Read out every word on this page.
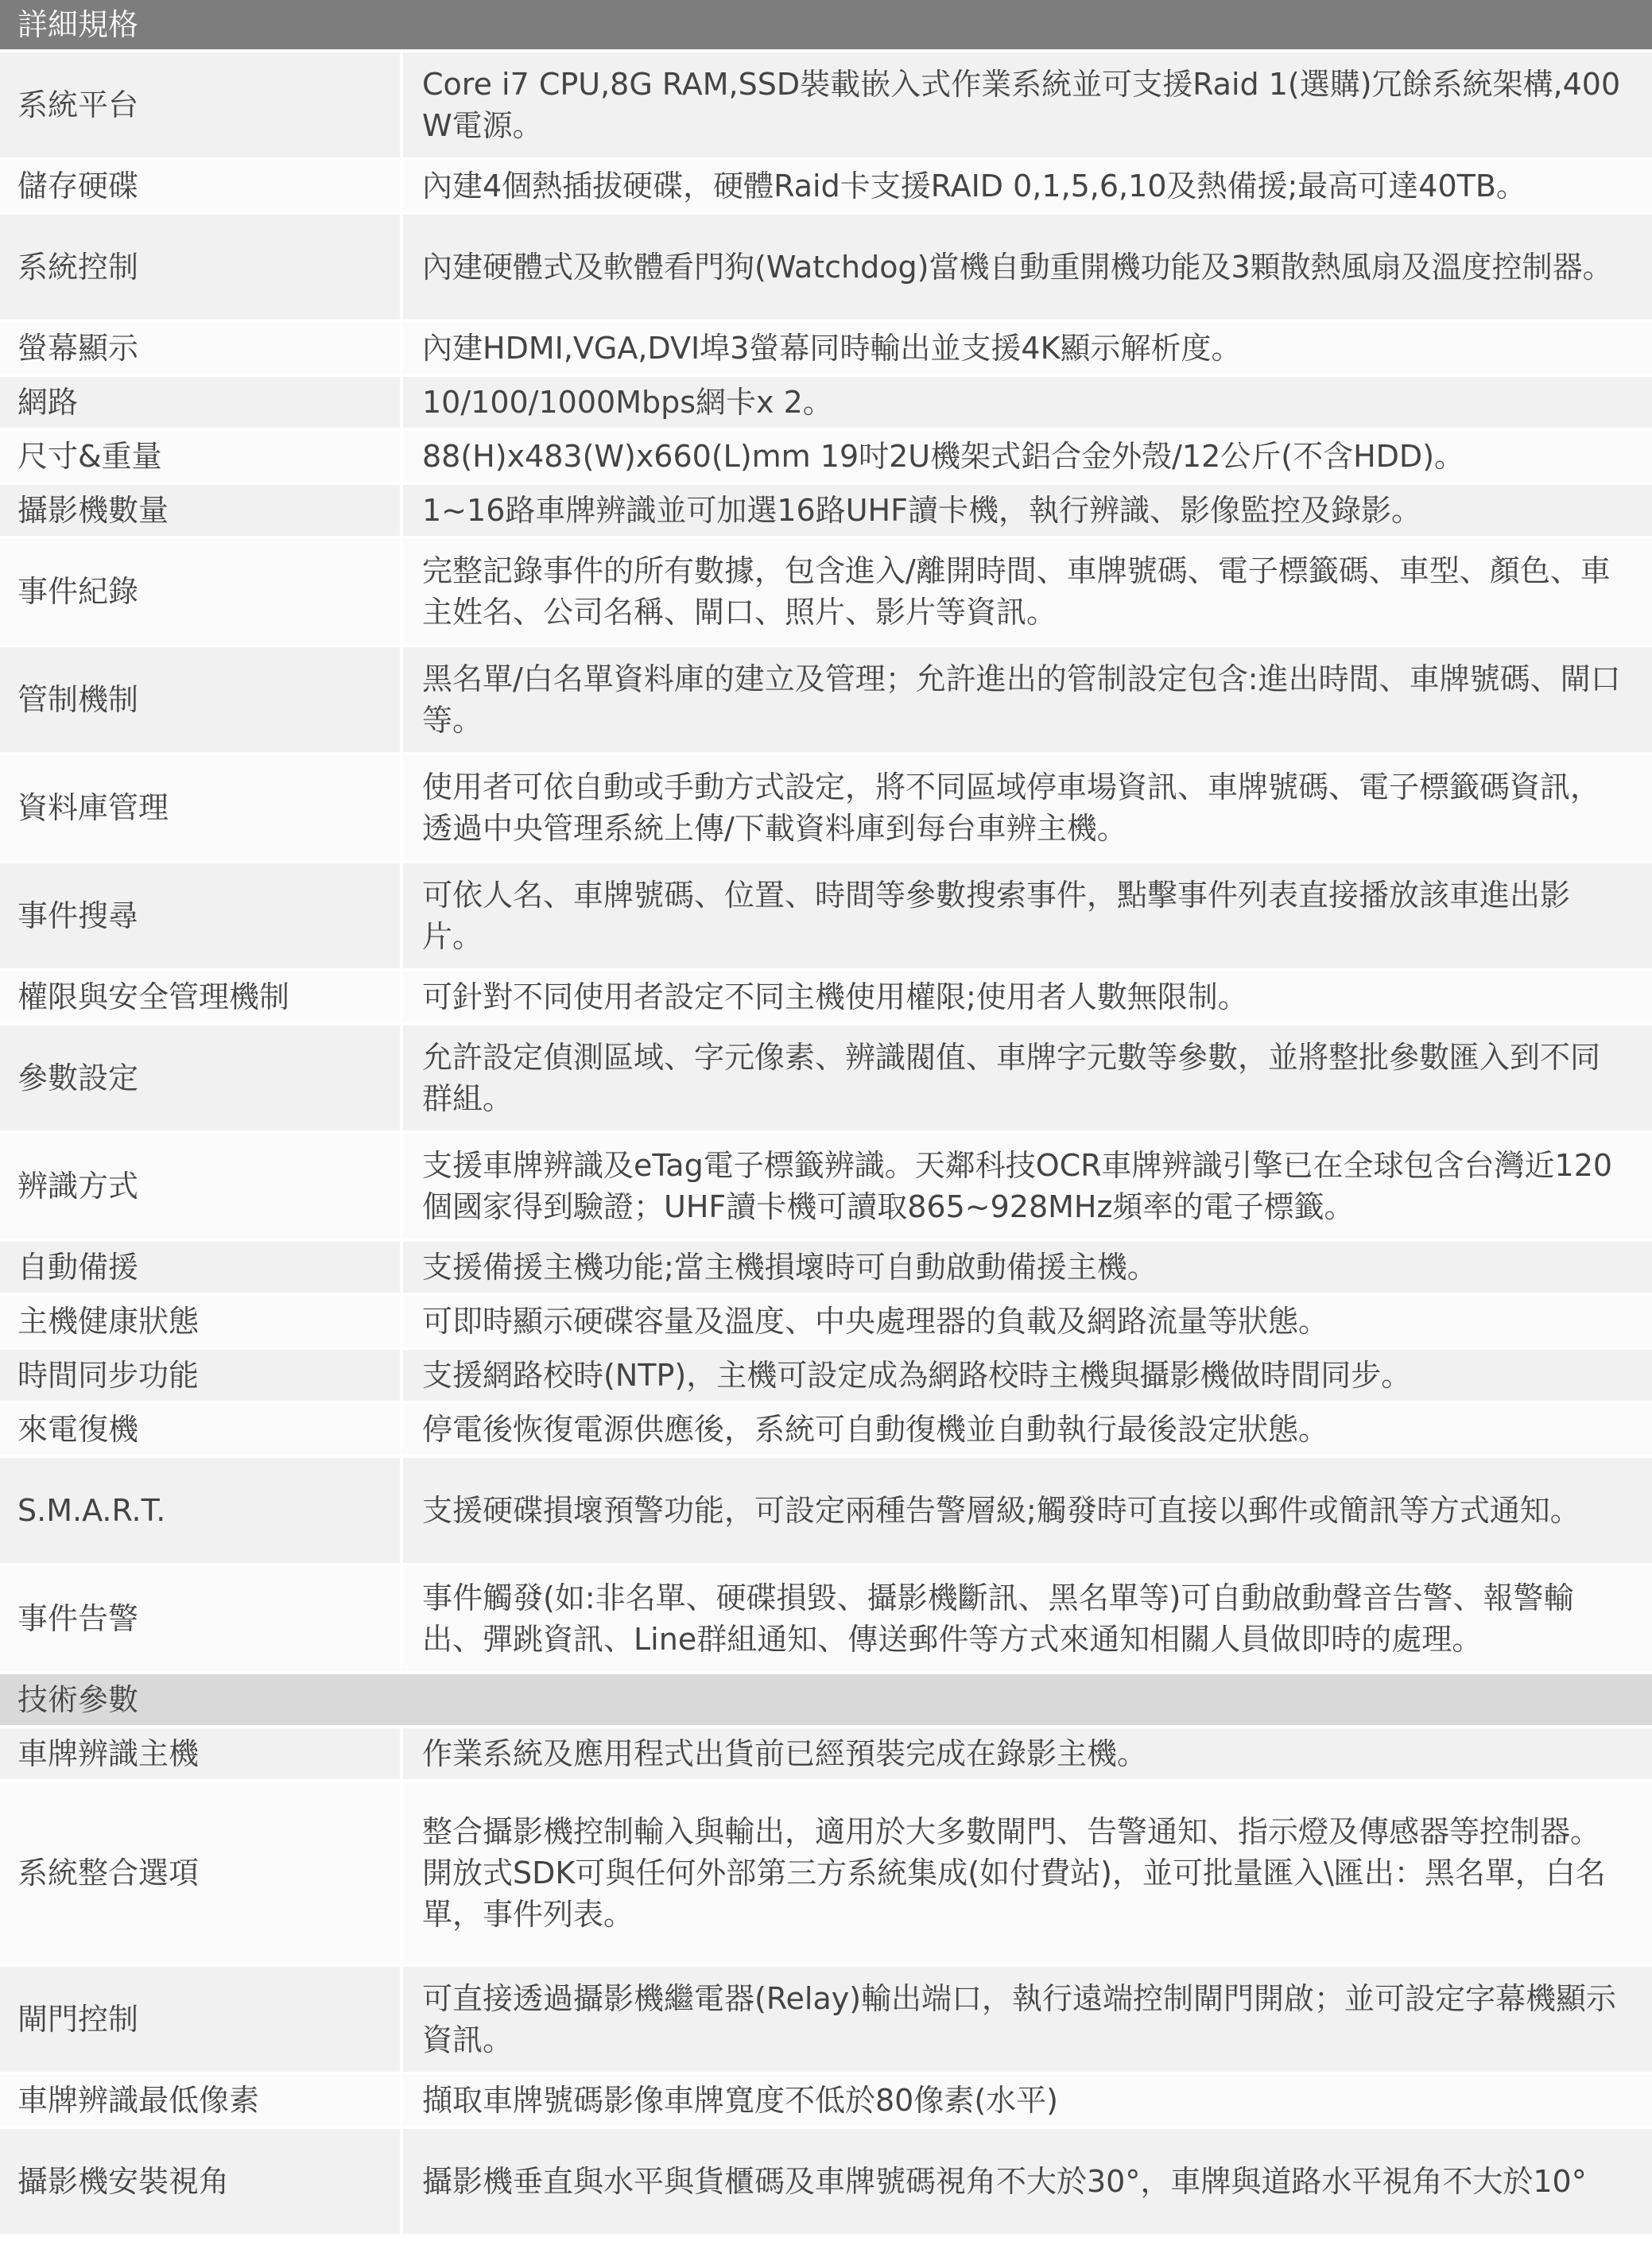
詳細規格	
系統平台	Core i7 CPU,8G RAM,SSD裝載嵌入式作業系統並可支援Raid 1(選購)冗餘系統架構,400W電源。
儲存硬碟	內建4個熱插拔硬碟，硬體Raid卡支援RAID 0,1,5,6,10及熱備援;最高可達40TB。
系統控制	內建硬體式及軟體看門狗(Watchdog)當機自動重開機功能及3顆散熱風扇及溫度控制器。
螢幕顯示	內建HDMI,VGA,DVI埠3螢幕同時輸出並支援4K顯示解析度。
網路	10/100/1000Mbps網卡x 2。
尺寸&重量	88(H)x483(W)x660(L)mm 19吋2U機架式鋁合金外殼/12公斤(不含HDD)。
攝影機數量	1~16路車牌辨識並可加選16路UHF讀卡機，執行辨識、影像監控及錄影。
事件紀錄	完整記錄事件的所有數據，包含進入/離開時間、車牌號碼、電子標籤碼、車型、顏色、車主姓名、公司名稱、閘口、照片、影片等資訊。
管制機制	黑名單/白名單資料庫的建立及管理；允許進出的管制設定包含:進出時間、車牌號碼、閘口等。
資料庫管理	使用者可依自動或手動方式設定，將不同區域停車場資訊、車牌號碼、電子標籤碼資訊，透過中央管理系統上傳/下載資料庫到每台車辨主機。
事件搜尋	可依人名、車牌號碼、位置、時間等參數搜索事件，點擊事件列表直接播放該車進出影片。
權限與安全管理機制	可針對不同使用者設定不同主機使用權限;使用者人數無限制。
參數設定	允許設定偵測區域、字元像素、辨識閥值、車牌字元數等參數，並將整批參數匯入到不同群組。
辨識方式	支援車牌辨識及eTag電子標籤辨識。天鄰科技OCR車牌辨識引擎已在全球包含台灣近120個國家得到驗證；UHF讀卡機可讀取865~928MHz頻率的電子標籤。
自動備援	支援備援主機功能;當主機損壞時可自動啟動備援主機。
主機健康狀態	可即時顯示硬碟容量及溫度、中央處理器的負載及網路流量等狀態。
時間同步功能	支援網路校時(NTP)，主機可設定成為網路校時主機與攝影機做時間同步。
來電復機	停電後恢復電源供應後，系統可自動復機並自動執行最後設定狀態。
S.M.A.R.T.	支援硬碟損壞預警功能，可設定兩種告警層級;觸發時可直接以郵件或簡訊等方式通知。
事件告警	事件觸發(如:非名單、硬碟損毀、攝影機斷訊、黑名單等)可自動啟動聲音告警、報警輸出、彈跳資訊、Line群組通知、傳送郵件等方式來通知相關人員做即時的處理。
技術參數	
車牌辨識主機	作業系統及應用程式出貨前已經預裝完成在錄影主機。
系統整合選項	整合攝影機控制輸入與輸出，適用於大多數閘門、告警通知、指示燈及傳感器等控制器。
開放式SDK可與任何外部第三方系統集成(如付費站)，並可批量匯入\匯出：黑名單，白名單，事件列表。

閘門控制	可直接透過攝影機繼電器(Relay)輸出端口，執行遠端控制閘門開啟；並可設定字幕機顯示資訊。
車牌辨識最低像素	擷取車牌號碼影像車牌寬度不低於80像素(水平)
攝影機安裝視角	攝影機垂直與水平與貨櫃碼及車牌號碼視角不大於30°，車牌與道路水平視角不大於10°
